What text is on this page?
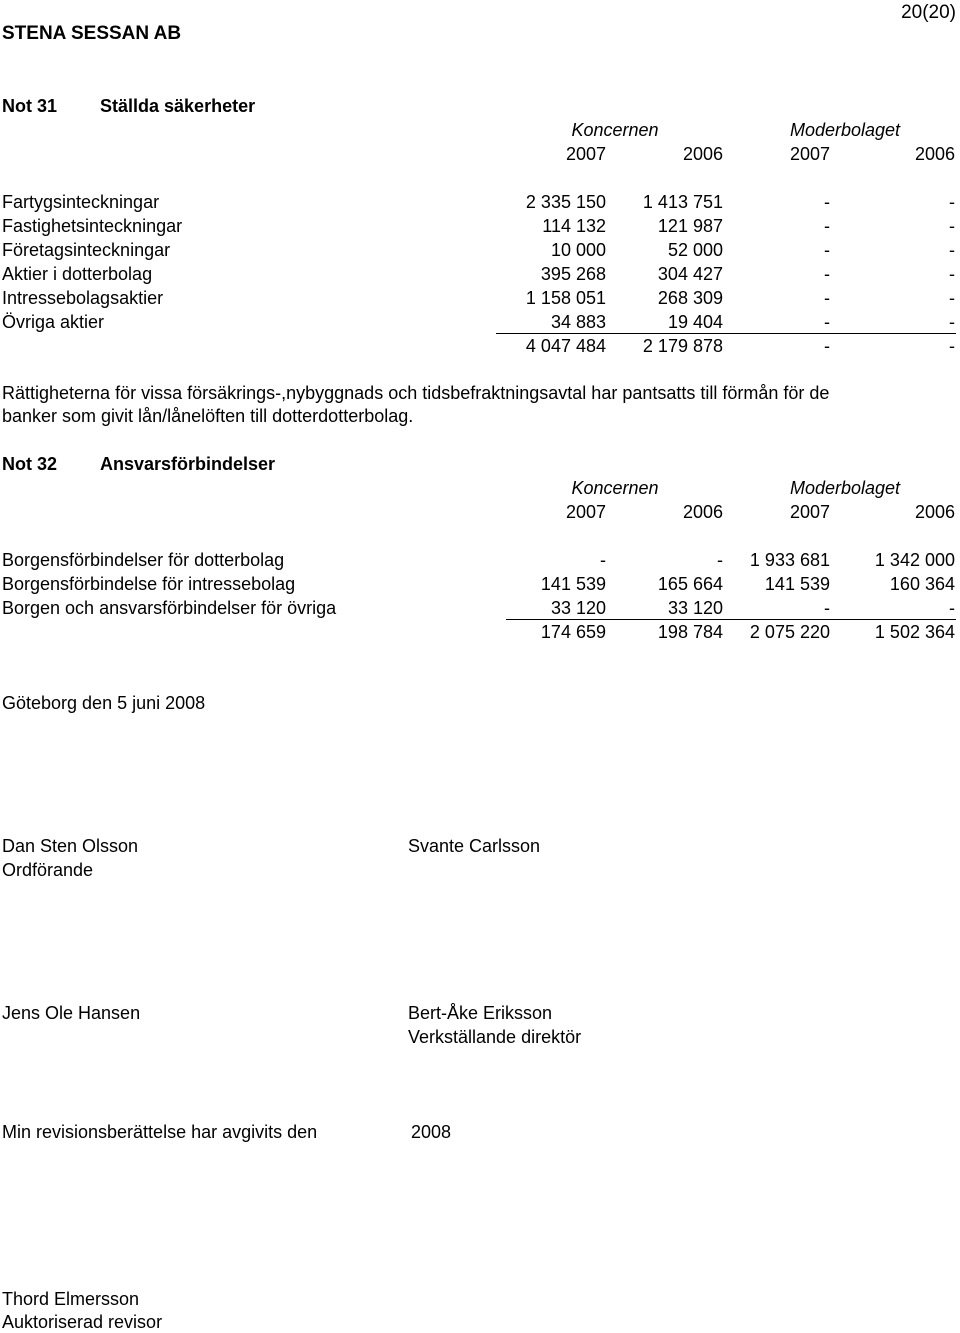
STENA SESSAN AB
20(20)
Not 31 Ställda säkerheter
Koncernen	Moderbolaget
2007	2006	2007	2006
Fartygsinteckningar	2 335 150	1 413 751	-	-
Fastighetsinteckningar	114 132	121 987	-	-
Företagsinteckningar	10 000	52 000	-	-
Aktier i dotterbolag	395 268	304 427	-	-
Intressebolagsaktier	1 158 051	268 309	-	-
Övriga aktier	34 883	19 404	-	-
4 047 484	2 179 878	-	-
Rättigheterna för vissa försäkrings-,nybyggnads och tidsbefraktningsavtal har pantsatts till förmån för de
banker som givit lån/lånelöften till dotterdotterbolag.
Not 32 Ansvarsförbindelser
Koncernen	Moderbolaget
2007	2006	2007	2006
Borgensförbindelser för dotterbolag	-	-	1 933 681	1 342 000
Borgensförbindelse för intressebolag	141 539	165 664	141 539	160 364
Borgen och ansvarsförbindelser för övriga	33 120	33 120	-	-
174 659	198 784	2 075 220	1 502 364
Göteborg den 5 juni 2008
Dan Sten Olsson
Ordförande
Svante Carlsson
Jens Ole Hansen	Bert-Åke Eriksson
Verkställande direktör
Min revisionsberättelse har avgivits den	2008
Thord Elmersson
Auktoriserad revisor
